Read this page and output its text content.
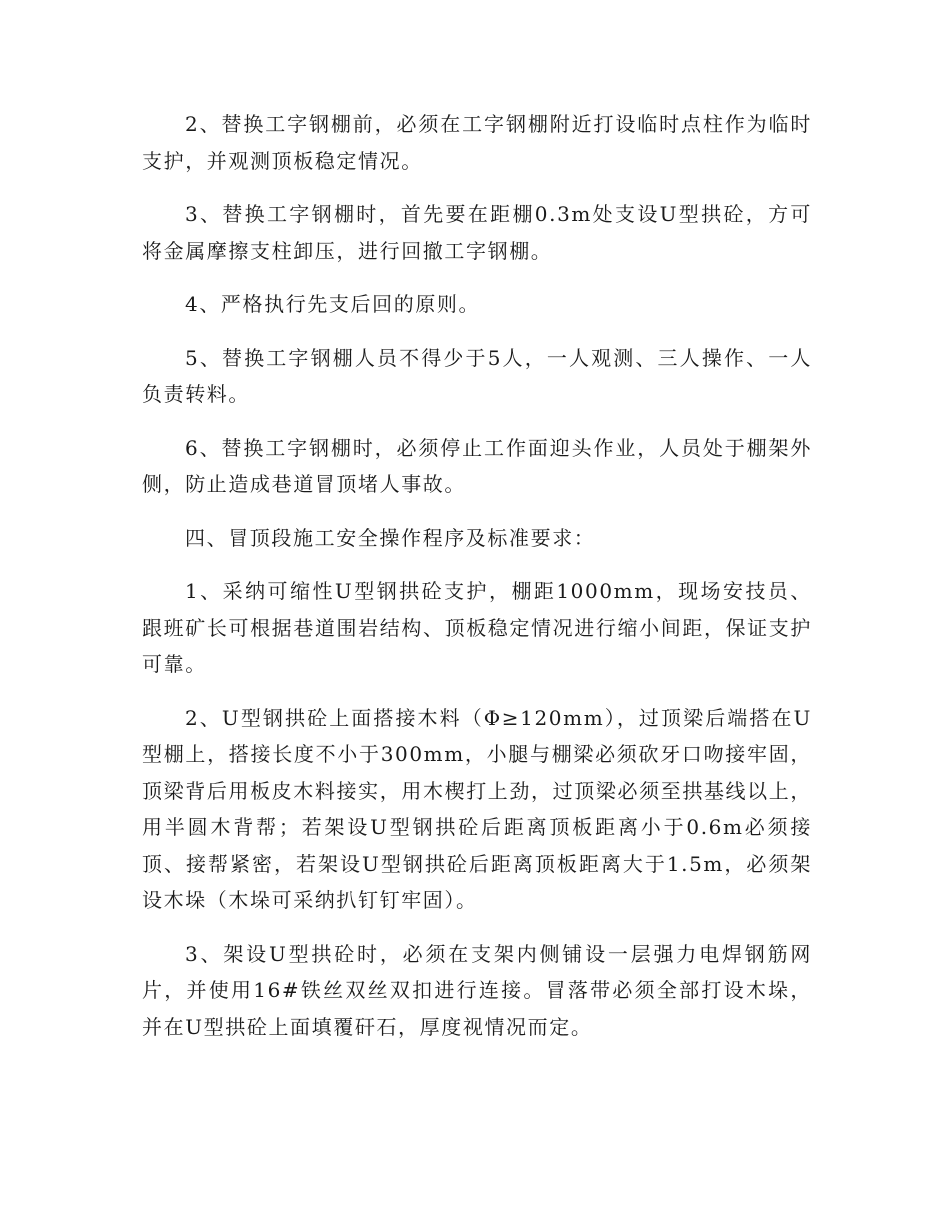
2、替换工字钢棚前，必须在工字钢棚附近打设临时点柱作为临时支护，并观测顶板稳定情况。

3、替换工字钢棚时，首先要在距棚0.3m处支设U型拱砼，方可将金属摩擦支柱卸压，进行回撤工字钢棚。

4、严格执行先支后回的原则。

5、替换工字钢棚人员不得少于5人，一人观测、三人操作、一人负责转料。

6、替换工字钢棚时，必须停止工作面迎头作业，人员处于棚架外侧，防止造成巷道冒顶堵人事故。

四、冒顶段施工安全操作程序及标准要求：

1、采纳可缩性U型钢拱砼支护，棚距1000mm，现场安技员、跟班矿长可根据巷道围岩结构、顶板稳定情况进行缩小间距，保证支护可靠。

2、U型钢拱砼上面搭接木料（Φ≥120mm），过顶梁后端搭在U型棚上，搭接长度不小于300mm，小腿与棚梁必须砍牙口吻接牢固，顶梁背后用板皮木料接实，用木楔打上劲，过顶梁必须至拱基线以上，用半圆木背帮；若架设U型钢拱砼后距离顶板距离小于0.6m必须接顶、接帮紧密，若架设U型钢拱砼后距离顶板距离大于1.5m，必须架设木垛（木垛可采纳扒钉钉牢固）。

3、架设U型拱砼时，必须在支架内侧铺设一层强力电焊钢筋网片，并使用16#铁丝双丝双扣进行连接。冒落带必须全部打设木垛，并在U型拱砼上面填覆矸石，厚度视情况而定。
